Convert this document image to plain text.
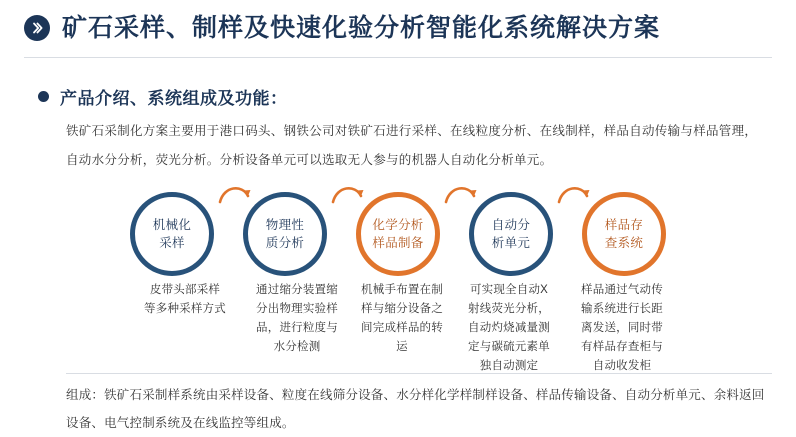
矿石采样、制样及快速化验分析智能化系统解决方案
产品介绍、系统组成及功能：
铁矿石采制化方案主要用于港口码头、钢铁公司对铁矿石进行采样、在线粒度分析、在线制样，样品自动传输与样品管理，自动水分分析，荧光分析。分析设备单元可以选取无人参与的机器人自动化分析单元。
机械化
采样
物理性
质分析
化学分析
样品制备
自动分
析单元
样品存
查系统
皮带头部采样
等多种采样方式
通过缩分装置缩
分出物理实验样
品，进行粒度与
水分检测
机械手布置在制
样与缩分设备之
间完成样品的转
运
可实现全自动X
射线荧光分析，
自动灼烧减量测
定与碳硫元素单
独自动测定
样品通过气动传
输系统进行长距
离发送，同时带
有样品存查柜与
自动收发柜
组成：铁矿石采制样系统由采样设备、粒度在线筛分设备、水分样化学样制样设备、样品传输设备、自动分析单元、余料返回设备、电气控制系统及在线监控等组成。
